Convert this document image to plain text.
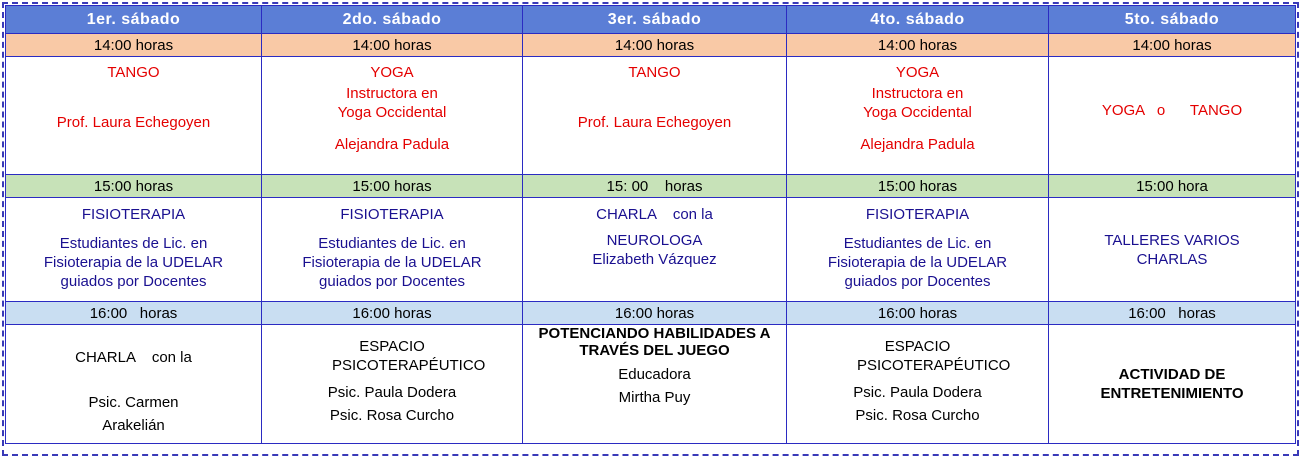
1er. sábado	2do. sábado	3er. sábado	4to. sábado	5to. sábado
14:00 horas	14:00 horas	14:00 horas	14:00 horas	14:00 horas

TANGO
Prof. Laura Echegoyen	YOGA
Instructora en
Yoga Occidental
Alejandra Padula	TANGO
Prof. Laura Echegoyen	YOGA
Instructora en
Yoga Occidental
Alejandra Padula	YOGA   o      TANGO

15:00 horas	15:00 horas	15: 00    horas	15:00 horas	15:00 hora

FISIOTERAPIA
Estudiantes de Lic. en
Fisioterapia de la UDELAR
guiados por Docentes	FISIOTERAPIA
Estudiantes de Lic. en
Fisioterapia de la UDELAR
guiados por Docentes	CHARLA    con la
NEUROLOGA
Elizabeth Vázquez	FISIOTERAPIA
Estudiantes de Lic. en
Fisioterapia de la UDELAR
guiados por Docentes	TALLERES VARIOS
CHARLAS

16:00   horas	16:00 horas	16:00 horas	16:00 horas	16:00   horas

CHARLA    con la
Psic. Carmen
Arakelián	ESPACIO PSICOTERAPÉUTICO
Psic. Paula Dodera
Psic. Rosa Curcho	POTENCIANDO HABILIDADES A TRAVÉS DEL JUEGO
Educadora
Mirtha Puy	ESPACIO PSICOTERAPÉUTICO
Psic. Paula Dodera
Psic. Rosa Curcho	ACTIVIDAD DE
ENTRETENIMIENTO
